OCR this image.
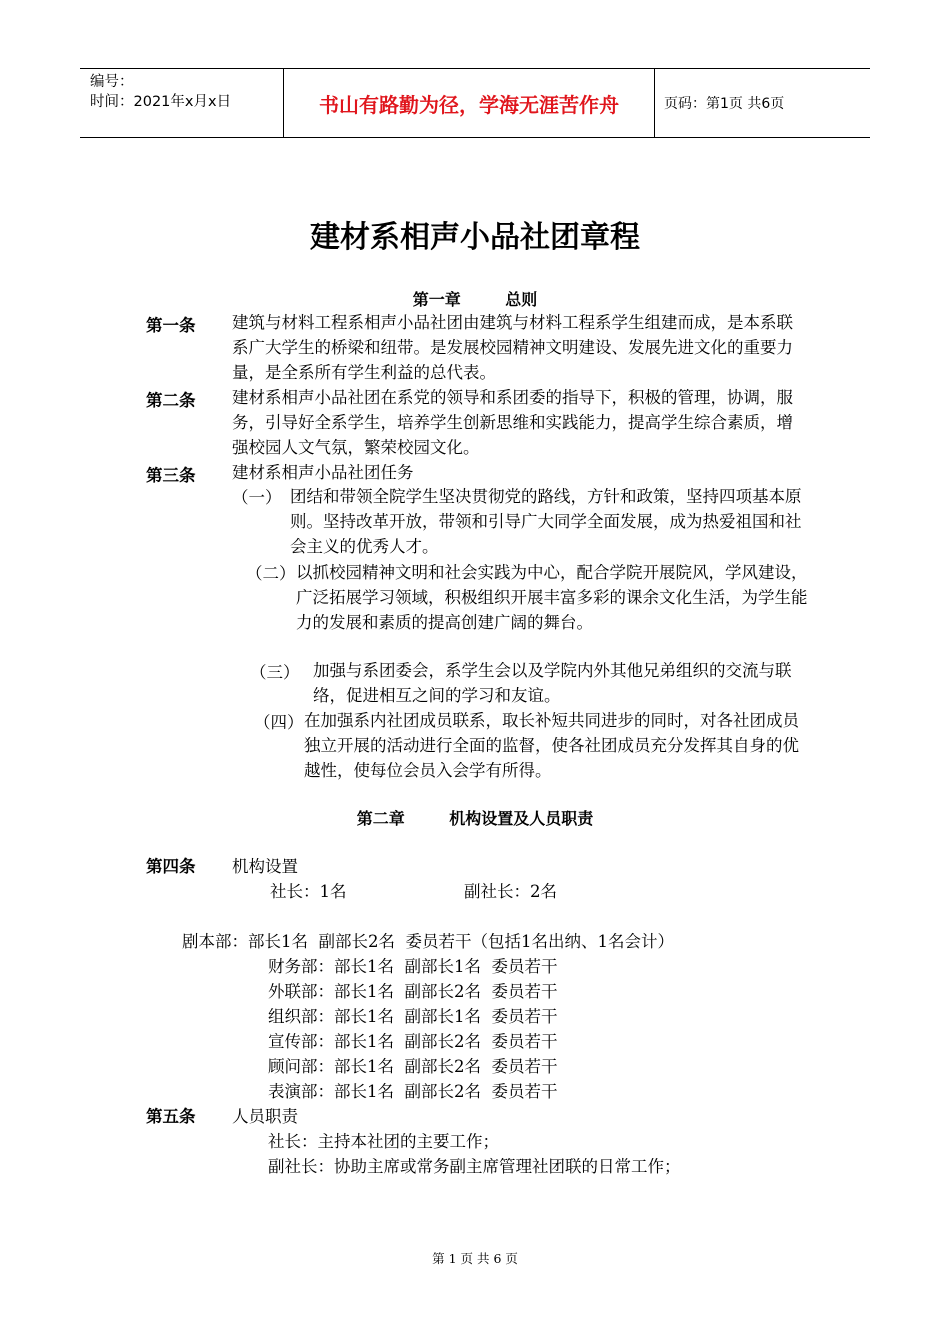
编号：
时间：2021年x月x日	书山有路勤为径，学海无涯苦作舟	页码：第1页 共6页
建材系相声小品社团章程
第一章        总则
第一条 建筑与材料工程系相声小品社团由建筑与材料工程系学生组建而成，是本系联系广大学生的桥梁和纽带。是发展校园精神文明建设、发展先进文化的重要力量，是全系所有学生利益的总代表。

第二条 建材系相声小品社团在系党的领导和系团委的指导下，积极的管理，协调，服务，引导好全系学生，培养学生创新思维和实践能力，提高学生综合素质，增强校园人文气氛，繁荣校园文化。

第三条 建材系相声小品社团任务

（一） 团结和带领全院学生坚决贯彻党的路线，方针和政策，坚持四项基本原则。坚持改革开放，带领和引导广大同学全面发展，成为热爱祖国和社会主义的优秀人才。

（二） 以抓校园精神文明和社会实践为中心，配合学院开展院风，学风建设，广泛拓展学习领域，积极组织开展丰富多彩的课余文化生活，为学生能力的发展和素质的提高创建广阔的舞台。

（三） 加强与系团委会，系学生会以及学院内外其他兄弟组织的交流与联络，促进相互之间的学习和友谊。

（四） 在加强系内社团成员联系，取长补短共同进步的同时，对各社团成员独立开展的活动进行全面的监督，使各社团成员充分发挥其自身的优越性，使每位会员入会学有所得。

第二章        机构设置及人员职责
第四条 机构设置
社长：1名	副社长：2名
剧本部：部长1名  副部长2名  委员若干（包括1名出纳、1名会计）
财务部：部长1名  副部长1名  委员若干
外联部：部长1名  副部长2名  委员若干
组织部：部长1名  副部长1名  委员若干
宣传部：部长1名  副部长2名  委员若干
顾问部：部长1名  副部长2名  委员若干
表演部：部长1名  副部长2名  委员若干
第五条 人员职责
社长：主持本社团的主要工作；
副社长：协助主席或常务副主席管理社团联的日常工作；
第 1 页 共 6 页
